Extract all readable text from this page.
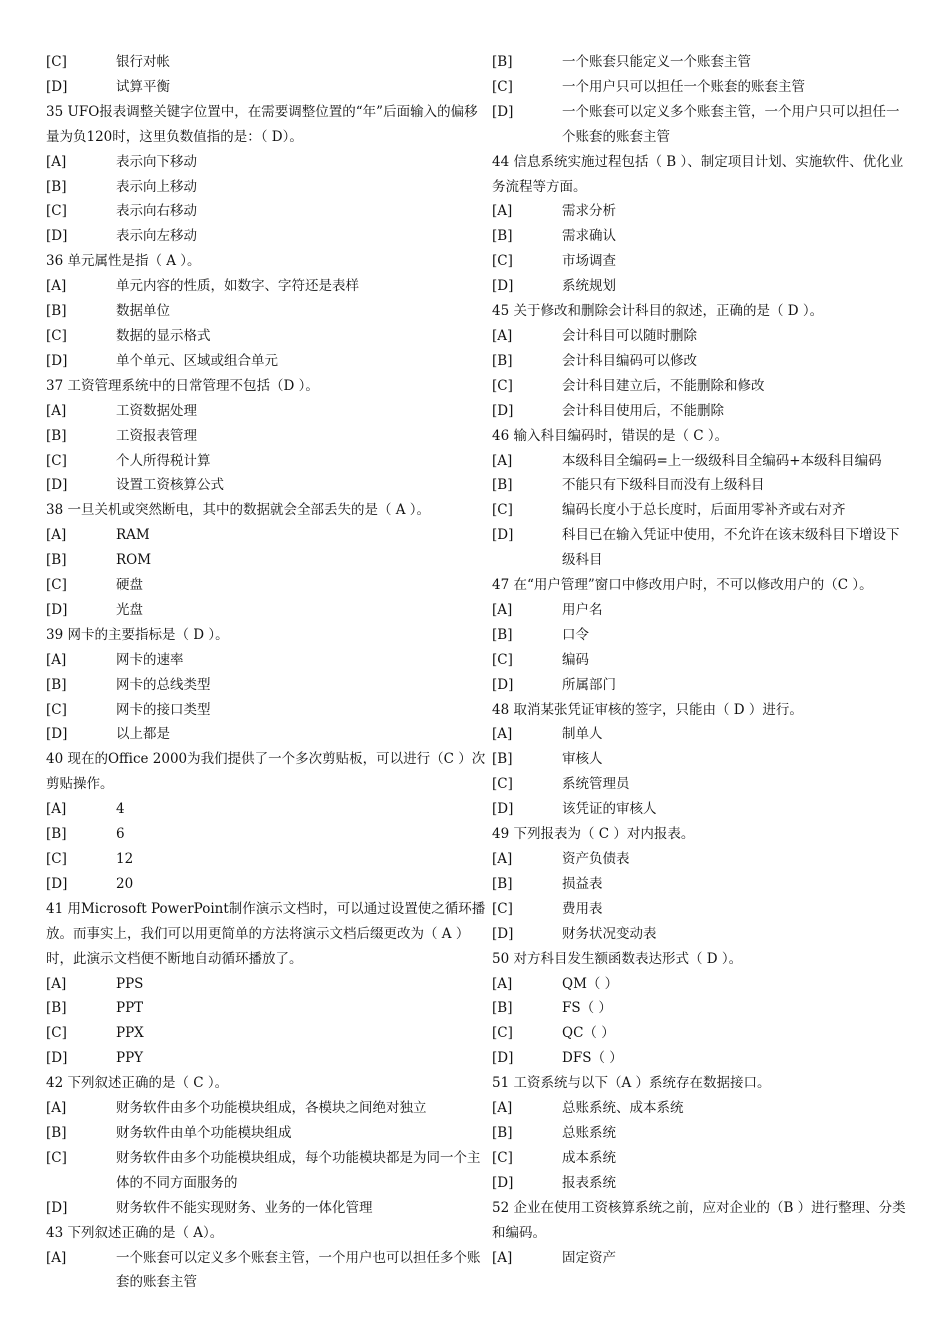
[C]	银行对帐
[D]	试算平衡
35 UFO报表调整关键字位置中，在需要调整位置的“年”后面输入的偏移量为负120时，这里负数值指的是：（ D）。
[A]	表示向下移动
[B]	表示向上移动
[C]	表示向右移动
[D]	表示向左移动
36 单元属性是指（ A ）。
[A]	单元内容的性质，如数字、字符还是表样
[B]	数据单位
[C]	数据的显示格式
[D]	单个单元、区域或组合单元
37 工资管理系统中的日常管理不包括（D ）。
[A]	工资数据处理
[B]	工资报表管理
[C]	个人所得税计算
[D]	设置工资核算公式
38 一旦关机或突然断电，其中的数据就会全部丢失的是（ A ）。
[A]	RAM
[B]	ROM
[C]	硬盘
[D]	光盘
39 网卡的主要指标是（ D ）。
[A]	网卡的速率
[B]	网卡的总线类型
[C]	网卡的接口类型
[D]	以上都是
40 现在的Office 2000为我们提供了一个多次剪贴板，可以进行（C ）次剪贴操作。
[A]	4
[B]	6
[C]	12
[D]	20
41 用Microsoft PowerPoint制作演示文档时，可以通过设置使之循环播放。而事实上，我们可以用更简单的方法将演示文档后缀更改为（ A ）时，此演示文档便不断地自动循环播放了。
[A]	PPS
[B]	PPT
[C]	PPX
[D]	PPY
42 下列叙述正确的是（ C ）。
[A]	财务软件由多个功能模块组成，各模块之间绝对独立
[B]	财务软件由单个功能模块组成
[C]	财务软件由多个功能模块组成，每个功能模块都是为同一个主体的不同方面服务的
[D]	财务软件不能实现财务、业务的一体化管理
43 下列叙述正确的是（ A）。
[A]	一个账套可以定义多个账套主管，一个用户也可以担任多个账套的账套主管
[B]	一个账套只能定义一个账套主管
[C]	一个用户只可以担任一个账套的账套主管
[D]	一个账套可以定义多个账套主管，一个用户只可以担任一个账套的账套主管
44 信息系统实施过程包括（ B ）、制定项目计划、实施软件、优化业务流程等方面。
[A]	需求分析
[B]	需求确认
[C]	市场调查
[D]	系统规划
45 关于修改和删除会计科目的叙述，正确的是（ D ）。
[A]	会计科目可以随时删除
[B]	会计科目编码可以修改
[C]	会计科目建立后，不能删除和修改
[D]	会计科目使用后，不能删除
46 输入科目编码时，错误的是（ C ）。
[A]	本级科目全编码=上一级级科目全编码+本级科目编码
[B]	不能只有下级科目而没有上级科目
[C]	编码长度小于总长度时，后面用零补齐或右对齐
[D]	科目已在输入凭证中使用，不允许在该末级科目下增设下级科目
47 在“用户管理”窗口中修改用户时，不可以修改用户的（C ）。
[A]	用户名
[B]	口令
[C]	编码
[D]	所属部门
48 取消某张凭证审核的签字，只能由（ D ）进行。
[A]	制单人
[B]	审核人
[C]	系统管理员
[D]	该凭证的审核人
49 下列报表为（ C ）对内报表。
[A]	资产负债表
[B]	损益表
[C]	费用表
[D]	财务状况变动表
50 对方科目发生额函数表达形式（ D ）。
[A]	QM（ ）
[B]	FS（ ）
[C]	QC（ ）
[D]	DFS（ ）
51 工资系统与以下（A ）系统存在数据接口。
[A]	总账系统、成本系统
[B]	总账系统
[C]	成本系统
[D]	报表系统
52 企业在使用工资核算系统之前，应对企业的（B ）进行整理、分类和编码。
[A]	固定资产
